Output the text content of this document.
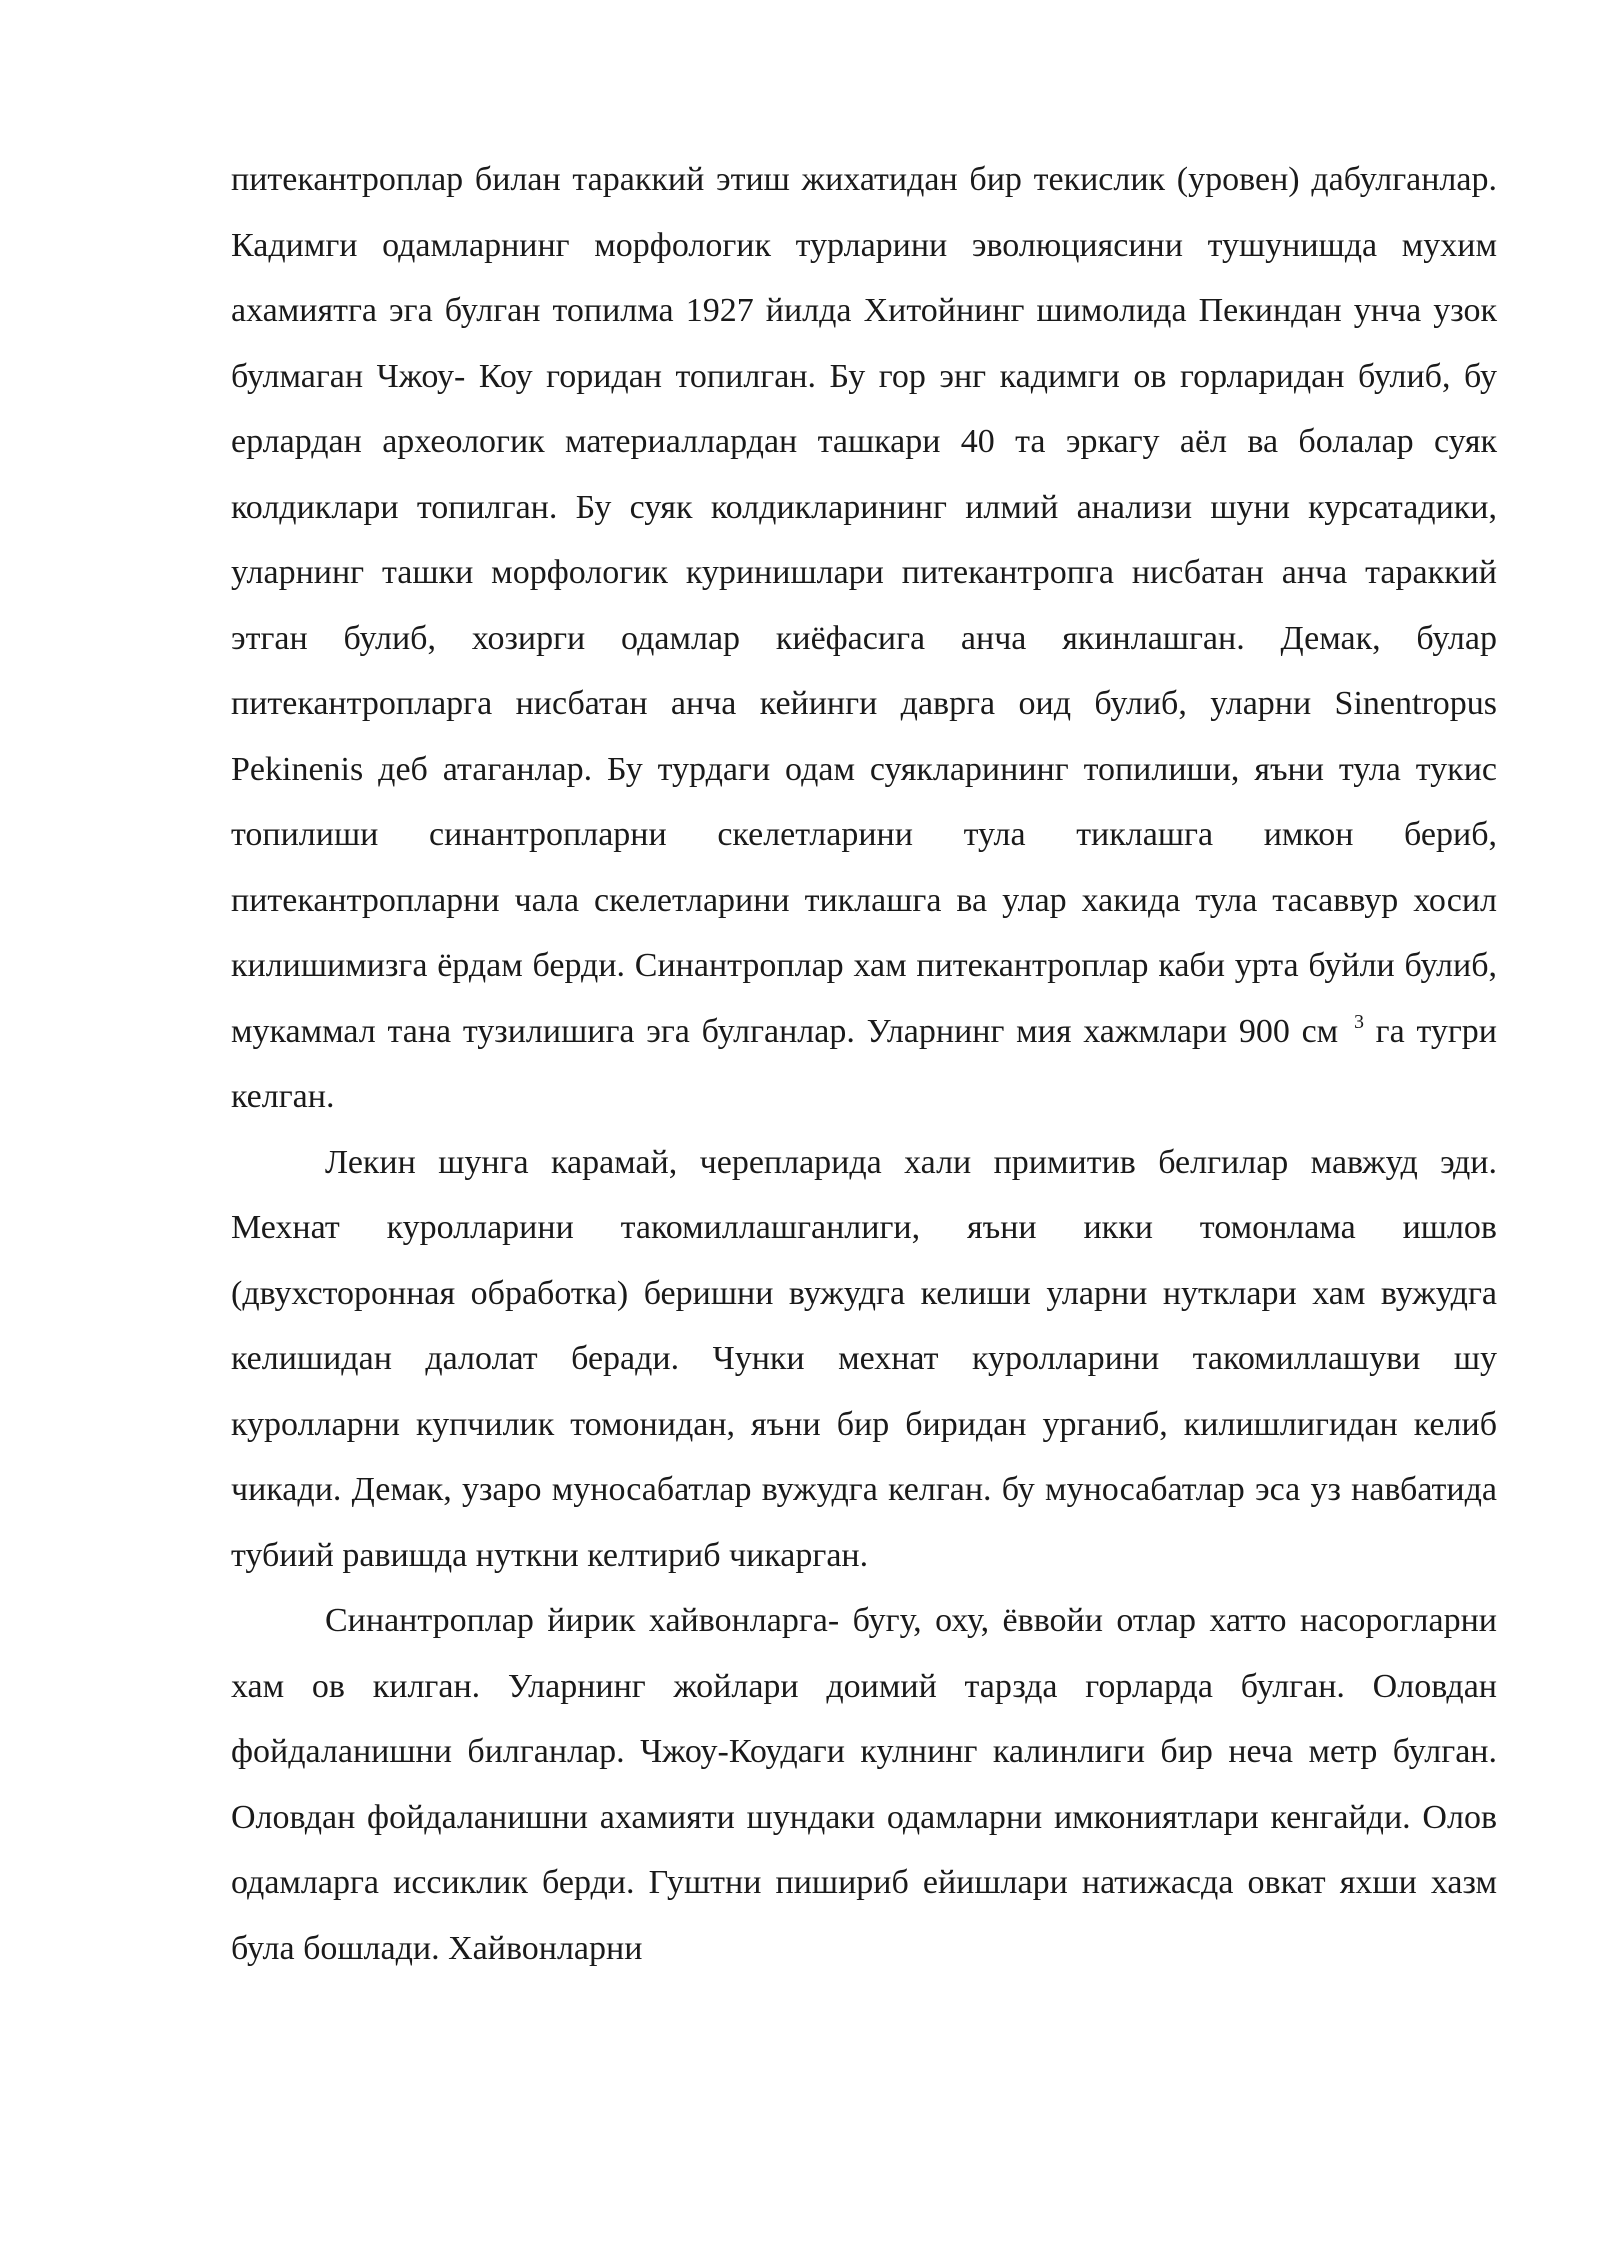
питекантроплар билан тараккий этиш жихатидан бир текислик (уровен) дабулганлар. Кадимги одамларнинг морфологик турларини эволюциясини тушунишда мухим ахамиятга эга булган топилма 1927 йилда Хитойнинг шимолида Пекиндан унча узок булмаган Чжоу- Коу горидан топилган. Бу гор энг кадимги ов горларидан булиб, бу ерлардан археологик материаллардан ташкари 40 та эркагу аёл ва болалар суяк колдиклари топилган. Бу суяк колдикларининг илмий анализи шуни курсатадики, уларнинг ташки морфологик куринишлари питекантропга нисбатан анча тараккий этган булиб, хозирги одамлар киёфасига анча якинлашган. Демак, булар питекантропларга нисбатан анча кейинги даврга оид булиб, уларни Sinentropus Pekinenis деб атаганлар. Бу турдаги одам суякларининг топилиши, яъни тула тукис топилиши синантропларни скелетларини тула тиклашга имкон бериб, питекантропларни чала скелетларини тиклашга ва улар хакида тула тасаввур хосил килишимизга ёрдам берди. Синантроплар хам питекантроплар каби урта буйли булиб, мукаммал тана тузилишига эга булганлар. Уларнинг мия хажмлари 900 см $^3$ га тугри келган.

Лекин шунга карамай, черепларида хали примитив белгилар мавжуд эди. Мехнат куролларини такомиллашганлиги, яъни икки томонлама ишлов (двухсторонная обработка) беришни вужудга келиши уларни нутклари хам вужудга келишидан далолат беради. Чунки мехнат куролларини такомиллашуви шу куролларни купчилик томонидан, яъни бир биридан урганиб, килишлигидан келиб чикади. Демак, узаро муносабатлар вужудга келган. бу муносабатлар эса уз навбатида тубиий равишда нуткни келтириб чикарган.

Синантроплар йирик хайвонларга- бугу, оху, ёввойи отлар хатто насорогларни хам ов килган. Уларнинг жойлари доимий тарзда горларда булган. Оловдан фойдаланишни билганлар. Чжоу-Коудаги кулнинг калинлиги бир неча метр булган. Оловдан фойдаланишни ахамияти шундаки одамларни имкониятлари кенгайди. Олов одамларга иссиклик берди. Гуштни пишириб ейишлари натижасда овкат яхши хазм була бошлади. Хайвонларни
